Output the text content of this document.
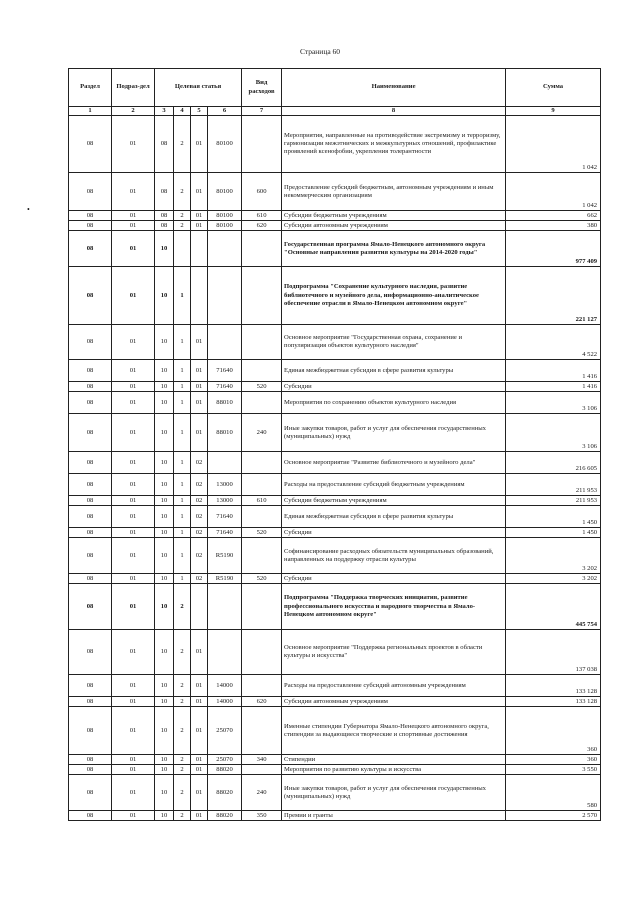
Страница 60
•
Раздел	Подраз-дел	Целевая статья				Вид расходов	Наименование	Сумма
1	2	3	4	5	6	7	8	9
08	01	08	2	01	80100		Мероприятия, направленные на противодействие экстремизму и терроризму, гармонизации межэтнических и межкультурных отношений, профилактике проявлений ксенофобии, укрепления толерантности	1 042
08	01	08	2	01	80100	600	Предоставление субсидий бюджетным, автономным учреждениям и иным некоммерческим организациям	1 042
08	01	08	2	01	80100	610	Субсидии бюджетным учреждениям	662
08	01	08	2	01	80100	620	Субсидии автономным учреждениям	380
08	01	10					Государственная программа Ямало-Ненецкого автономного округа "Основные направления развития культуры на 2014-2020 годы"	977 409
08	01	10	1				Подпрограмма "Сохранение культурного наследия, развитие библиотечного и музейного дела, информационно-аналитическое обеспечение отрасли в Ямало-Ненецком автономном округе"	221 127
08	01	10	1	01			Основное мероприятие "Государственная охрана, сохранение и популяризация объектов культурного наследия"	4 522
08	01	10	1	01	71640		Единая межбюджетная субсидия в сфере развития культуры	1 416
08	01	10	1	01	71640	520	Субсидии	1 416
08	01	10	1	01	88010		Мероприятия по сохранению объектов культурного наследия	3 106
08	01	10	1	01	88010	240	Иные закупки товаров, работ и услуг для обеспечения государственных (муниципальных) нужд	3 106
08	01	10	1	02			Основное мероприятие "Развитие библиотечного и музейного дела"	216 605
08	01	10	1	02	13000		Расходы на предоставление субсидий бюджетным учреждениям	211 953
08	01	10	1	02	13000	610	Субсидии бюджетным учреждениям	211 953
08	01	10	1	02	71640		Единая межбюджетная субсидия в сфере развития культуры	1 450
08	01	10	1	02	71640	520	Субсидии	1 450
08	01	10	1	02	R5190		Софинансирование расходных обязательств муниципальных образований, направленных на поддержку отрасли культуры	3 202
08	01	10	1	02	R5190	520	Субсидии	3 202
08	01	10	2				Подпрограмма "Поддержка творческих инициатив, развитие профессионального искусства и народного творчества в Ямало-Ненецком автономном округе"	445 754
08	01	10	2	01			Основное мероприятие "Поддержка региональных проектов в области культуры и искусства"	137 038
08	01	10	2	01	14000		Расходы на предоставление субсидий автономным учреждениям	133 128
08	01	10	2	01	14000	620	Субсидии автономным учреждениям	133 128
08	01	10	2	01	25070		Именные стипендии Губернатора Ямало-Ненецкого автономного округа, стипендии за выдающиеся творческие и спортивные достижения	360
08	01	10	2	01	25070	340	Стипендии	360
08	01	10	2	01	88020		Мероприятия по развитию культуры и искусства	3 550
08	01	10	2	01	88020	240	Иные закупки товаров, работ и услуг для обеспечения государственных (муниципальных) нужд	580
08	01	10	2	01	88020	350	Премии и гранты	2 570
